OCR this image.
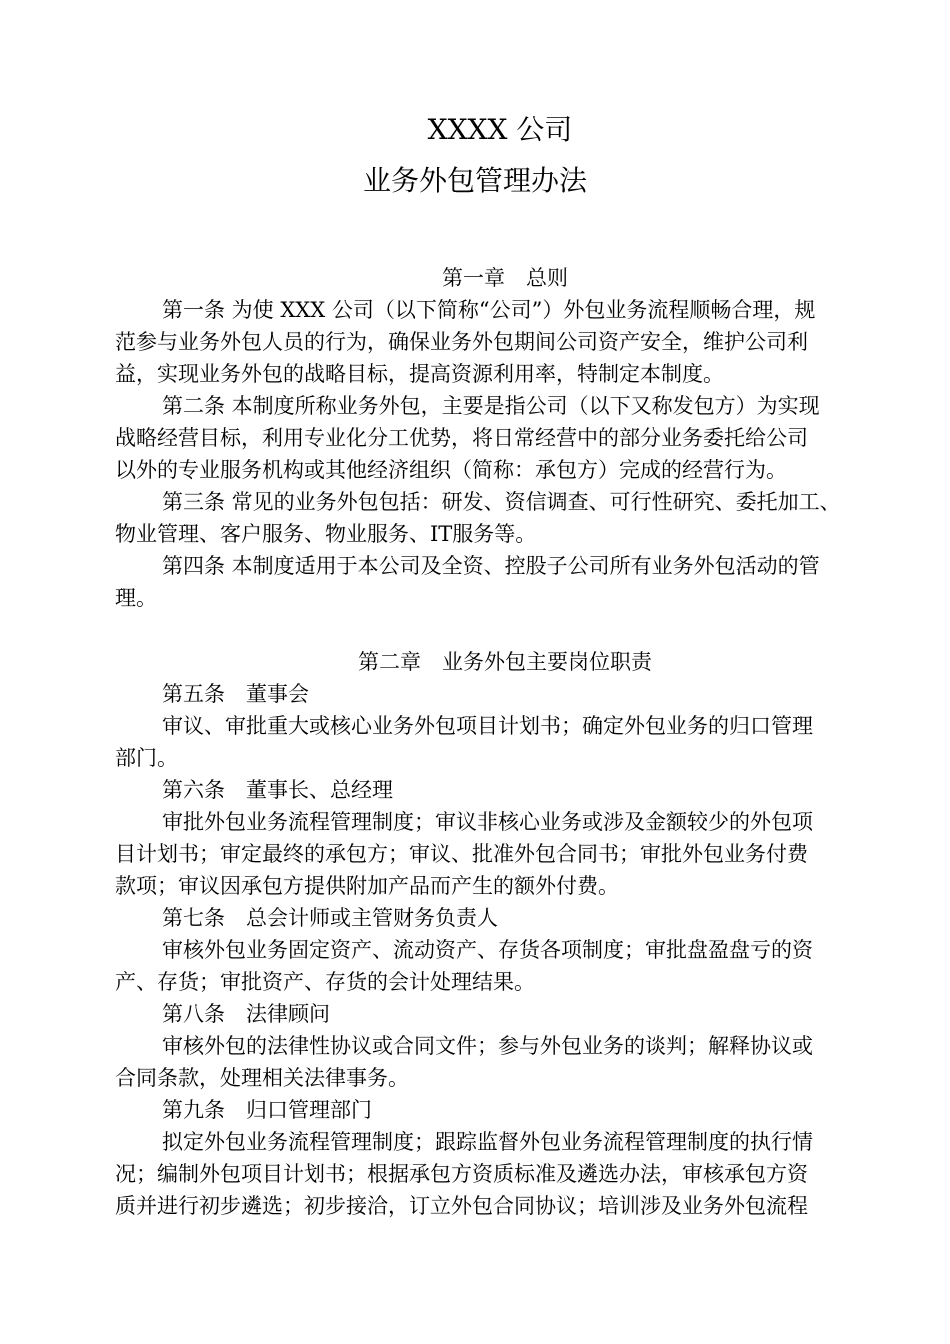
XXXX 公司
业务外包管理办法
第一章　总则
第一条 为使 XXX 公司（以下简称“公司”）外包业务流程顺畅合理，规
范参与业务外包人员的行为，确保业务外包期间公司资产安全，维护公司利
益，实现业务外包的战略目标，提高资源利用率，特制定本制度。
第二条 本制度所称业务外包，主要是指公司（以下又称发包方）为实现
战略经营目标，利用专业化分工优势，将日常经营中的部分业务委托给公司
以外的专业服务机构或其他经济组织（简称：承包方）完成的经营行为。
第三条 常见的业务外包包括：研发、资信调查、可行性研究、委托加工、
物业管理、客户服务、物业服务、IT服务等。
第四条 本制度适用于本公司及全资、控股子公司所有业务外包活动的管
理。
第二章　业务外包主要岗位职责
第五条　董事会
审议、审批重大或核心业务外包项目计划书；确定外包业务的归口管理
部门。
第六条　董事长、总经理
审批外包业务流程管理制度；审议非核心业务或涉及金额较少的外包项
目计划书；审定最终的承包方；审议、批准外包合同书；审批外包业务付费
款项；审议因承包方提供附加产品而产生的额外付费。
第七条　总会计师或主管财务负责人
审核外包业务固定资产、流动资产、存货各项制度；审批盘盈盘亏的资
产、存货；审批资产、存货的会计处理结果。
第八条　法律顾问
审核外包的法律性协议或合同文件；参与外包业务的谈判；解释协议或
合同条款，处理相关法律事务。
第九条　归口管理部门
拟定外包业务流程管理制度；跟踪监督外包业务流程管理制度的执行情
况；编制外包项目计划书；根据承包方资质标准及遴选办法，审核承包方资
质并进行初步遴选；初步接洽，订立外包合同协议；培训涉及业务外包流程
